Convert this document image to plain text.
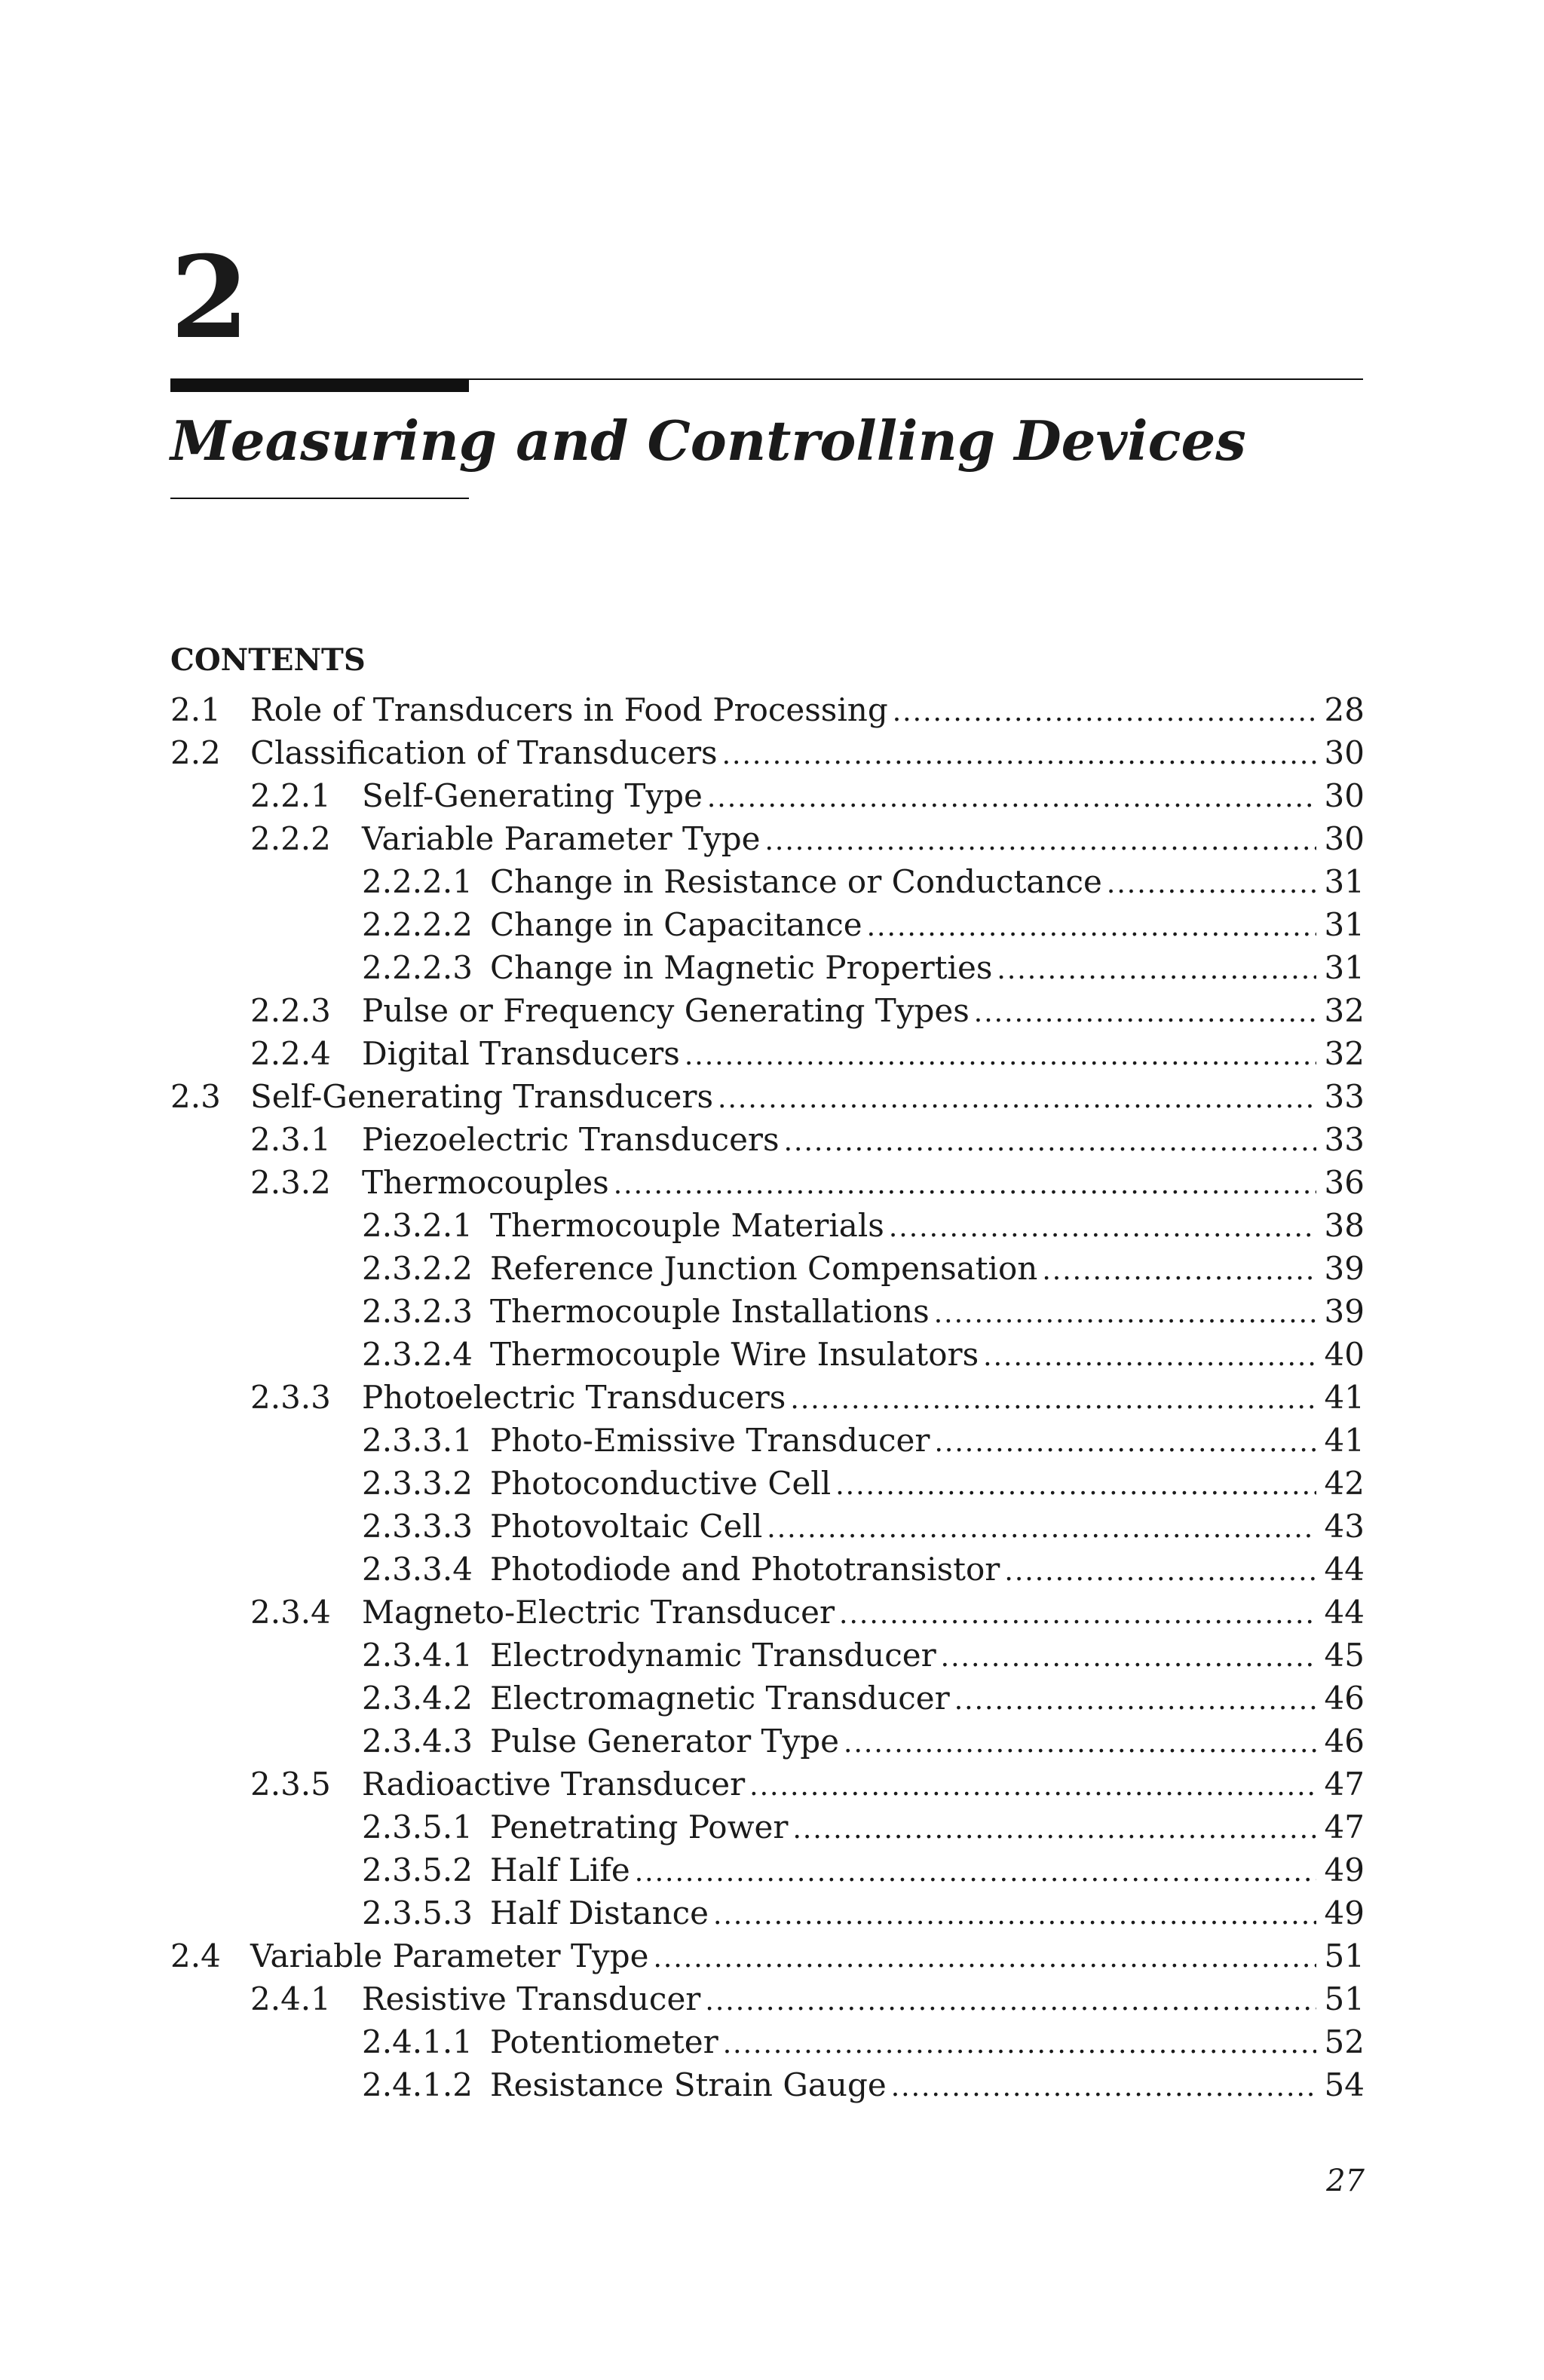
2
Measuring and Controlling Devices
CONTENTS
2.1 Role of Transducers in Food Processing .....	28
2.2 Classification of Transducers .....	30
2.2.1 Self-Generating Type .....	30
2.2.2 Variable Parameter Type .....	30
2.2.2.1 Change in Resistance or Conductance .....	31
2.2.2.2 Change in Capacitance .....	31
2.2.2.3 Change in Magnetic Properties .....	31
2.2.3 Pulse or Frequency Generating Types .....	32
2.2.4 Digital Transducers .....	32
2.3 Self-Generating Transducers .....	33
2.3.1 Piezoelectric Transducers .....	33
2.3.2 Thermocouples .....	36
2.3.2.1 Thermocouple Materials .....	38
2.3.2.2 Reference Junction Compensation .....	39
2.3.2.3 Thermocouple Installations .....	39
2.3.2.4 Thermocouple Wire Insulators .....	40
2.3.3 Photoelectric Transducers .....	41
2.3.3.1 Photo-Emissive Transducer .....	41
2.3.3.2 Photoconductive Cell .....	42
2.3.3.3 Photovoltaic Cell .....	43
2.3.3.4 Photodiode and Phototransistor .....	44
2.3.4 Magneto-Electric Transducer .....	44
2.3.4.1 Electrodynamic Transducer .....	45
2.3.4.2 Electromagnetic Transducer .....	46
2.3.4.3 Pulse Generator Type .....	46
2.3.5 Radioactive Transducer .....	47
2.3.5.1 Penetrating Power .....	47
2.3.5.2 Half Life .....	49
2.3.5.3 Half Distance .....	49
2.4 Variable Parameter Type .....	51
2.4.1 Resistive Transducer .....	51
2.4.1.1 Potentiometer .....	52
2.4.1.2 Resistance Strain Gauge .....	54
27
